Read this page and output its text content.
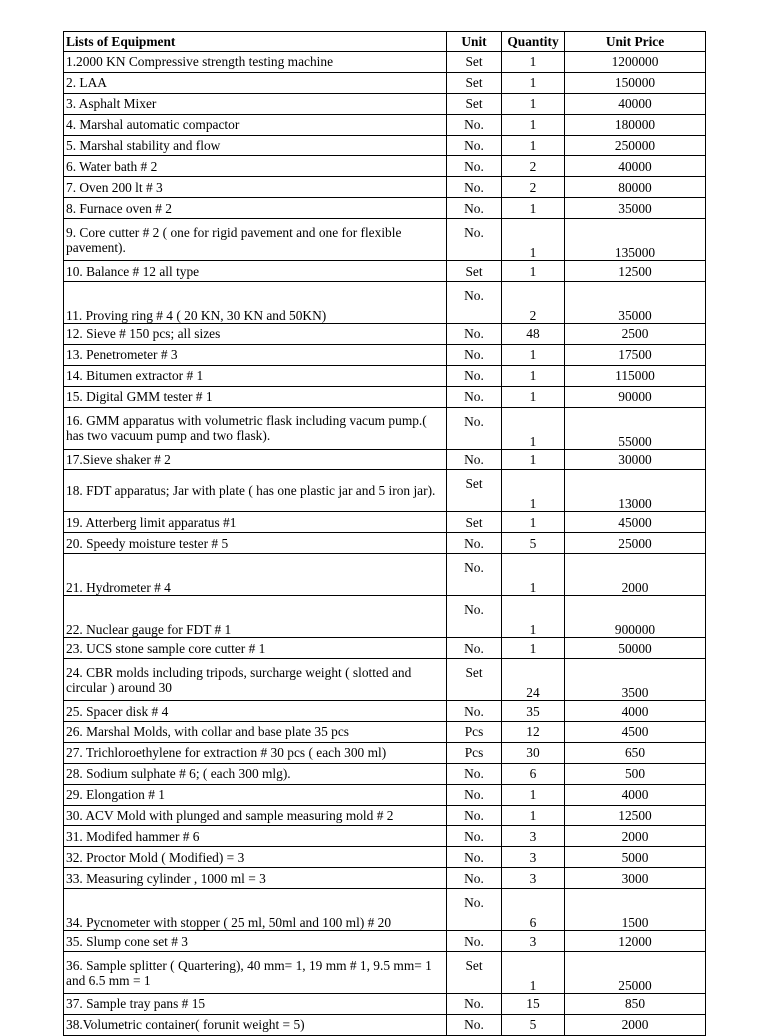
Lists of Equipment	Unit	Quantity	Unit Price
1.2000 KN Compressive strength testing machine	Set	1	1200000
2. LAA	Set	1	150000
3. Asphalt Mixer	Set	1	40000
4. Marshal automatic compactor	No.	1	180000
5. Marshal stability and flow	No.	1	250000
6. Water bath # 2	No.	2	40000
7. Oven 200 lt # 3	No.	2	80000
8. Furnace oven # 2	No.	1	35000
9. Core cutter # 2 ( one for rigid pavement and one for flexible pavement).	No.	1	135000
10. Balance # 12 all type	Set	1	12500
11. Proving ring # 4 ( 20 KN, 30 KN and 50KN)	No.	2	35000
12. Sieve # 150 pcs; all sizes	No.	48	2500
13. Penetrometer # 3	No.	1	17500
14. Bitumen extractor # 1	No.	1	115000
15. Digital GMM tester # 1	No.	1	90000
16. GMM apparatus with volumetric flask including vacum pump.( has two vacuum pump and two flask).	No.	1	55000
17.Sieve shaker # 2	No.	1	30000
18. FDT apparatus; Jar with plate ( has one plastic jar and 5 iron jar).	Set	1	13000
19. Atterberg limit apparatus #1	Set	1	45000
20. Speedy moisture tester # 5	No.	5	25000
21. Hydrometer # 4	No.	1	2000
22. Nuclear gauge for FDT # 1	No.	1	900000
23. UCS stone sample core cutter # 1	No.	1	50000
24. CBR molds including tripods, surcharge weight ( slotted and circular ) around 30	Set	24	3500
25. Spacer disk # 4	No.	35	4000
26. Marshal Molds, with collar and base plate 35 pcs	Pcs	12	4500
27. Trichloroethylene for extraction # 30 pcs ( each 300 ml)	Pcs	30	650
28. Sodium sulphate # 6; ( each 300 mlg).	No.	6	500
29. Elongation # 1	No.	1	4000
30. ACV Mold with plunged and sample measuring mold # 2	No.	1	12500
31. Modifed hammer # 6	No.	3	2000
32. Proctor Mold ( Modified) = 3	No.	3	5000
33. Measuring cylinder , 1000 ml = 3	No.	3	3000
34. Pycnometer with stopper ( 25 ml, 50ml and 100 ml) # 20	No.	6	1500
35. Slump cone set # 3	No.	3	12000
36. Sample splitter ( Quartering), 40 mm= 1, 19 mm # 1, 9.5 mm= 1 and 6.5 mm = 1	Set	1	25000
37. Sample tray pans # 15	No.	15	850
38.Volumetric container( forunit weight = 5)	No.	5	2000
